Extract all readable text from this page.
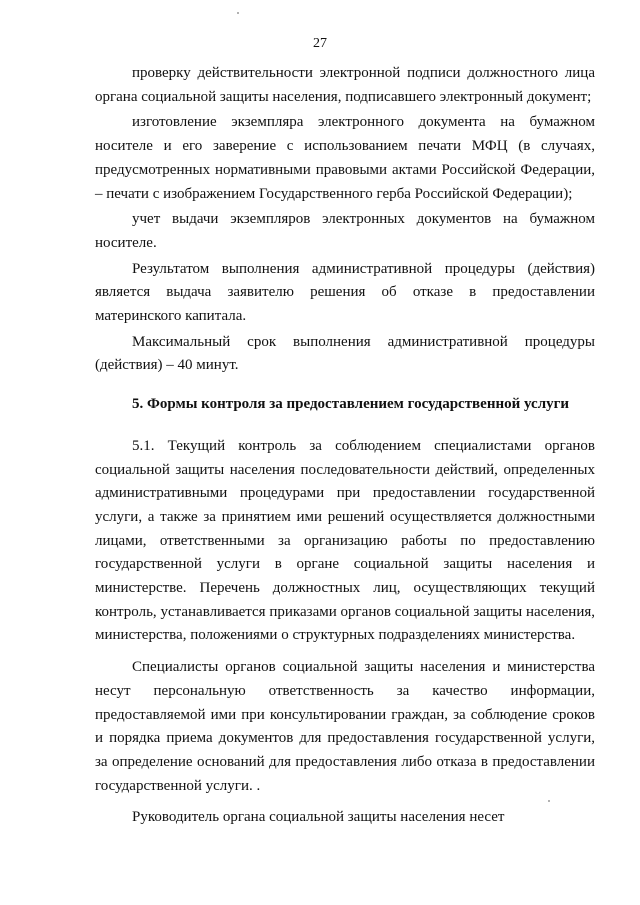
27

проверку действительности электронной подписи должностного лица органа социальной защиты населения, подписавшего электронный документ;

изготовление экземпляра электронного документа на бумажном носителе и его заверение с использованием печати МФЦ (в случаях, предусмотренных нормативными правовыми актами Российской Федерации, – печати с изображением Государственного герба Российской Федерации);

учет выдачи экземпляров электронных документов на бумажном носителе.

Результатом выполнения административной процедуры (действия) является выдача заявителю решения об отказе в предоставлении материнского капитала.

Максимальный срок выполнения административной процедуры (действия) – 40 минут.

5. Формы контроля за предоставлением государственной услуги

5.1. Текущий контроль за соблюдением специалистами органов социальной защиты населения последовательности действий, определенных административными процедурами при предоставлении государственной услуги, а также за принятием ими решений осуществляется должностными лицами, ответственными за организацию работы по предоставлению государственной услуги в органе социальной защиты населения и министерстве. Перечень должностных лиц, осуществляющих текущий контроль, устанавливается приказами органов социальной защиты населения, министерства, положениями о структурных подразделениях министерства.

Специалисты органов социальной защиты населения и министерства несут персональную ответственность за качество информации, предоставляемой ими при консультировании граждан, за соблюдение сроков и порядка приема документов для предоставления государственной услуги, за определение оснований для предоставления либо отказа в предоставлении государственной услуги. .

Руководитель органа социальной защиты населения несет
